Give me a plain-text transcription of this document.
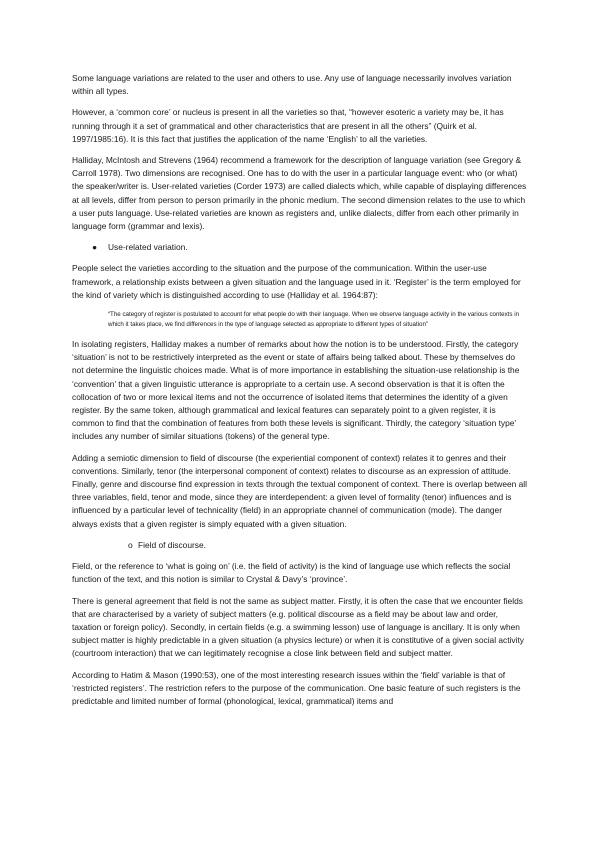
Some language variations are related to the user and others to use. Any use of language necessarily involves variation within all types.

However, a ‘common core’ or nucleus is present in all the varieties so that, “however esoteric a variety may be, it has running through it a set of grammatical and other characteristics that are present in all the others” (Quirk et al. 1997/1985:16). It is this fact that justifies the application of the name ‘English’ to all the varieties.

Halliday, McIntosh and Strevens (1964) recommend a framework for the description of language variation (see Gregory & Carroll 1978). Two dimensions are recognised. One has to do with the user in a particular language event: who (or what) the speaker/writer is. User-related varieties (Corder 1973) are called dialects which, while capable of displaying differences at all levels, differ from person to person primarily in the phonic medium. The second dimension relates to the use to which a user puts language. Use-related varieties are known as registers and, unlike dialects, differ from each other primarily in language form (grammar and lexis).

●	Use-related variation.

People select the varieties according to the situation and the purpose of the communication. Within the user-use framework, a relationship exists between a given situation and the language used in it. ‘Register’ is the term employed for the kind of variety which is distinguished according to use (Halliday et al. 1964:87):

“The category of register is postulated to account for what people do with their language. When we observe language activity in the various contexts in which it takes place, we find differences in the type of language selected as appropriate to different types of situation”

In isolating registers, Halliday makes a number of remarks about how the notion is to be understood. Firstly, the category ‘situation’ is not to be restrictively interpreted as the event or state of affairs being talked about. These by themselves do not determine the linguistic choices made. What is of more importance in establishing the situation-use relationship is the ‘convention’ that a given linguistic utterance is appropriate to a certain use. A second observation is that it is often the collocation of two or more lexical items and not the occurrence of isolated items that determines the identity of a given register. By the same token, although grammatical and lexical features can separately point to a given register, it is common to find that the combination of features from both these levels is significant. Thirdly, the category ‘situation type’ includes any number of similar situations (tokens) of the general type.

Adding a semiotic dimension to field of discourse (the experiential component of context) relates it to genres and their conventions. Similarly, tenor (the interpersonal component of context) relates to discourse as an expression of attitude. Finally, genre and discourse find expression in texts through the textual component of context. There is overlap between all three variables, field, tenor and mode, since they are interdependent: a given level of formality (tenor) influences and is influenced by a particular level of technicality (field) in an appropriate channel of communication (mode). The danger always exists that a given register is simply equated with a given situation.

o Field of discourse.

Field, or the reference to ‘what is going on’ (i.e. the field of activity) is the kind of language use which reflects the social function of the text, and this notion is similar to Crystal & Davy’s ‘province’.

There is general agreement that field is not the same as subject matter. Firstly, it is often the case that we encounter fields that are characterised by a variety of subject matters (e.g. political discourse as a field may be about law and order, taxation or foreign policy). Secondly, in certain fields (e.g. a swimming lesson) use of language is ancillary. It is only when subject matter is highly predictable in a given situation (a physics lecture) or when it is constitutive of a given social activity (courtroom interaction) that we can legitimately recognise a close link between field and subject matter.

According to Hatim & Mason (1990:53), one of the most interesting research issues within the ‘field’ variable is that of ‘restricted registers’. The restriction refers to the purpose of the communication. One basic feature of such registers is the predictable and limited number of formal (phonological, lexical, grammatical) items and
